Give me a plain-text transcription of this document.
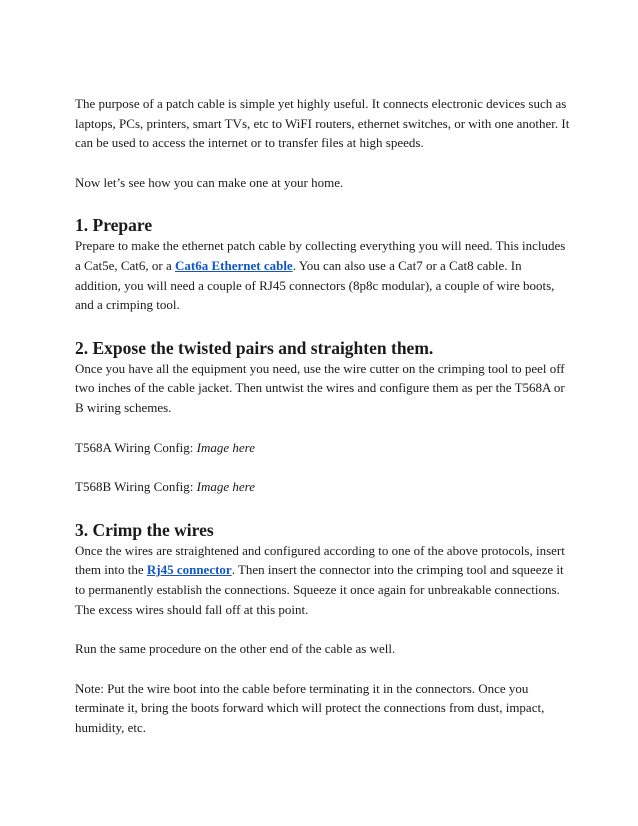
The purpose of a patch cable is simple yet highly useful. It connects electronic devices such as laptops, PCs, printers, smart TVs, etc to WiFI routers, ethernet switches, or with one another. It can be used to access the internet or to transfer files at high speeds.

Now let’s see how you can make one at your home.

1. Prepare

Prepare to make the ethernet patch cable by collecting everything you will need. This includes a Cat5e, Cat6, or a Cat6a Ethernet cable. You can also use a Cat7 or a Cat8 cable. In addition, you will need a couple of RJ45 connectors (8p8c modular), a couple of wire boots, and a crimping tool.

2. Expose the twisted pairs and straighten them.

Once you have all the equipment you need, use the wire cutter on the crimping tool to peel off two inches of the cable jacket. Then untwist the wires and configure them as per the T568A or B wiring schemes.

T568A Wiring Config: Image here

T568B Wiring Config: Image here

3. Crimp the wires

Once the wires are straightened and configured according to one of the above protocols, insert them into the Rj45 connector. Then insert the connector into the crimping tool and squeeze it to permanently establish the connections. Squeeze it once again for unbreakable connections. The excess wires should fall off at this point.

Run the same procedure on the other end of the cable as well.

Note: Put the wire boot into the cable before terminating it in the connectors. Once you terminate it, bring the boots forward which will protect the connections from dust, impact, humidity, etc.
